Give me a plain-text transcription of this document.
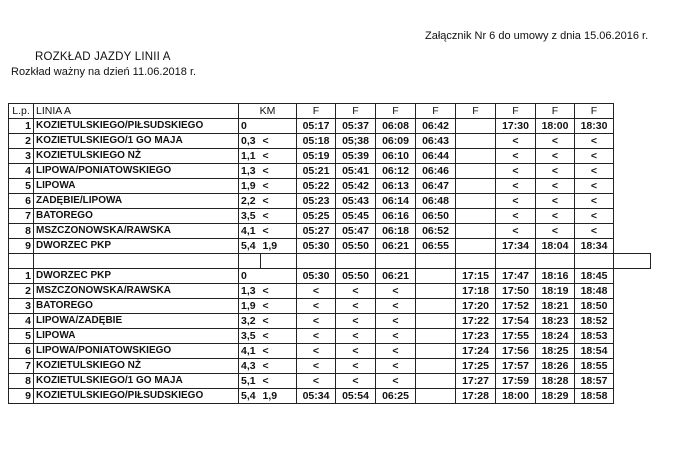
Załącznik Nr 6 do umowy z dnia 15.06.2016 r.
ROZKŁAD JAZDY LINII A
Rozkład ważny na dzień 11.06.2018 r.
L.p.	LINIA A	KM		F	F	F	F	F	F	F	F	
1	KOZIETULSKIEGO/PIŁSUDSKIEGO	0		05:17	05:37	06:08	06:42		17:30	18:00	18:30	
2	KOZIETULSKIEGO/1 GO MAJA	0,3	<	05:18	05;38	06:09	06:43		<	<	<	
3	KOZIETULSKIEGO NŻ	1,1	<	05:19	05:39	06:10	06:44		<	<	<	
4	LIPOWA/PONIATOWSKIEGO	1,3	<	05:21	05:41	06:12	06:46		<	<	<	
5	LIPOWA	1,9	<	05:22	05:42	06:13	06:47		<	<	<	
6	ZADĘBIE/LIPOWA	2,2	<	05:23	05:43	06:14	06:48		<	<	<	
7	BATOREGO	3,5	<	05:25	05:45	06:16	06:50		<	<	<	
8	MSZCZONOWSKA/RAWSKA	4,1	<	05:27	05:47	06:18	06:52		<	<	<	
9	DWORZEC PKP	5,4	1,9	05:30	05:50	06:21	06:55		17:34	18:04	18:34	

1	DWORZEC PKP	0		05:30	05:50	06:21		17:15	17:47	18:16	18:45	
2	MSZCZONOWSKA/RAWSKA	1,3	<	<	<	<		17:18	17:50	18:19	18:48	
3	BATOREGO	1,9	<	<	<	<		17:20	17:52	18:21	18:50	
4	LIPOWA/ZADĘBIE	3,2	<	<	<	<		17:22	17:54	18:23	18:52	
5	LIPOWA	3,5	<	<	<	<		17:23	17:55	18:24	18:53	
6	LIPOWA/PONIATOWSKIEGO	4,1	<	<	<	<		17:24	17:56	18:25	18:54	
7	KOZIETULSKIEGO NŻ	4,3	<	<	<	<		17:25	17:57	18:26	18:55	
8	KOZIETULSKIEGO/1 GO MAJA	5,1	<	<	<	<		17:27	17:59	18:28	18:57	
9	KOZIETULSKIEGO/PIŁSUDSKIEGO	5,4	1,9	05:34	05:54	06:25		17:28	18:00	18:29	18:58	
